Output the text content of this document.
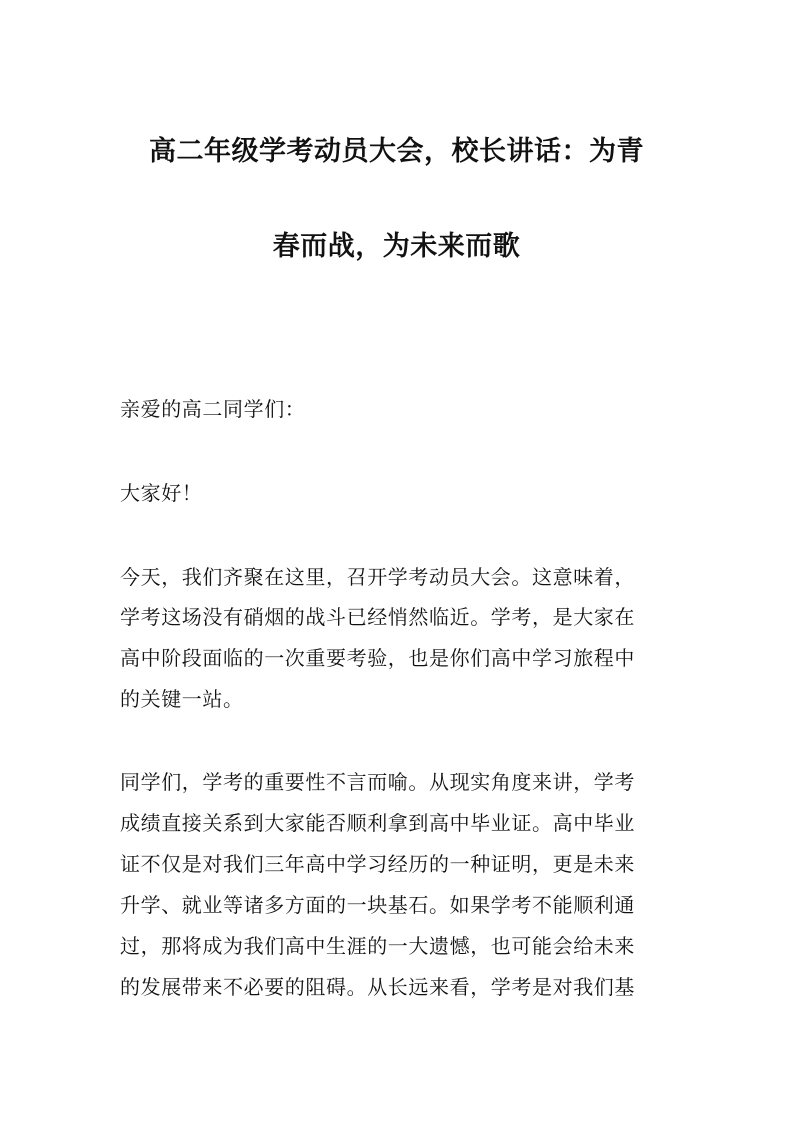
高二年级学考动员大会，校长讲话：为青
春而战，为未来而歌
亲爱的高二同学们：
大家好！
今天，我们齐聚在这里，召开学考动员大会。这意味着，
学考这场没有硝烟的战斗已经悄然临近。学考，是大家在
高中阶段面临的一次重要考验，也是你们高中学习旅程中
的关键一站。
同学们，学考的重要性不言而喻。从现实角度来讲，学考
成绩直接关系到大家能否顺利拿到高中毕业证。高中毕业
证不仅是对我们三年高中学习经历的一种证明，更是未来
升学、就业等诸多方面的一块基石。如果学考不能顺利通
过，那将成为我们高中生涯的一大遗憾，也可能会给未来
的发展带来不必要的阻碍。从长远来看，学考是对我们基
